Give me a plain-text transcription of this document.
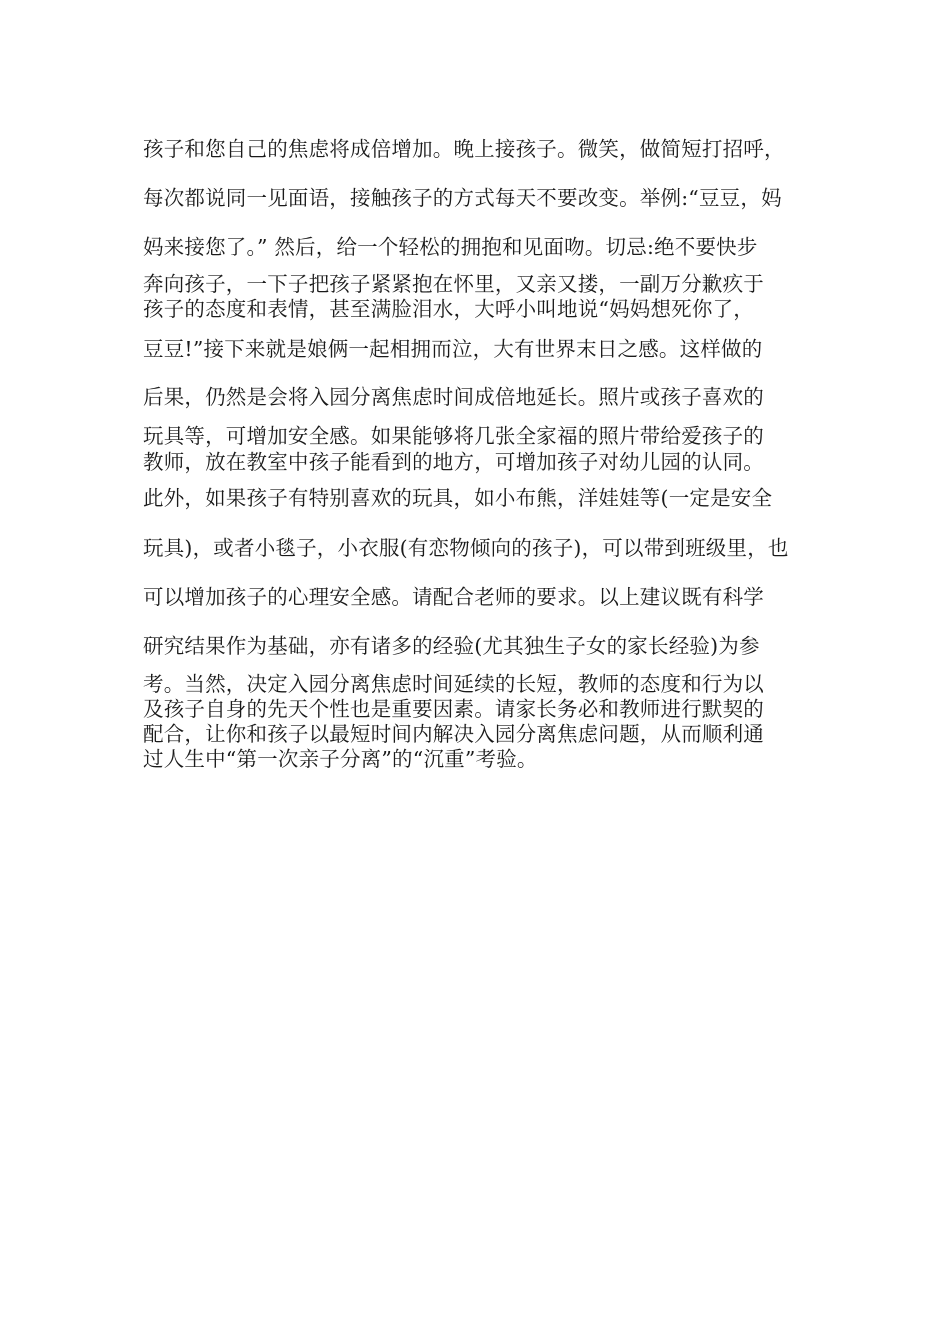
孩子和您自己的焦虑将成倍增加。晚上接孩子。微笑，做简短打招呼，
每次都说同一见面语，接触孩子的方式每天不要改变。举例:“豆豆，妈
妈来接您了。” 然后，给一个轻松的拥抱和见面吻。切忌:绝不要快步
奔向孩子，一下子把孩子紧紧抱在怀里，又亲又搂，一副万分歉疚于
孩子的态度和表情，甚至满脸泪水，大呼小叫地说“妈妈想死你了，
豆豆!”接下来就是娘俩一起相拥而泣，大有世界末日之感。这样做的
后果，仍然是会将入园分离焦虑时间成倍地延长。照片或孩子喜欢的
玩具等，可增加安全感。如果能够将几张全家福的照片带给爱孩子的
教师，放在教室中孩子能看到的地方，可增加孩子对幼儿园的认同。
此外，如果孩子有特别喜欢的玩具，如小布熊，洋娃娃等(一定是安全
玩具)，或者小毯子，小衣服(有恋物倾向的孩子)，可以带到班级里，也
可以增加孩子的心理安全感。请配合老师的要求。以上建议既有科学
研究结果作为基础，亦有诸多的经验(尤其独生子女的家长经验)为参
考。当然，决定入园分离焦虑时间延续的长短，教师的态度和行为以
及孩子自身的先天个性也是重要因素。请家长务必和教师进行默契的
配合，让你和孩子以最短时间内解决入园分离焦虑问题，从而顺利通
过人生中“第一次亲子分离”的“沉重”考验。
